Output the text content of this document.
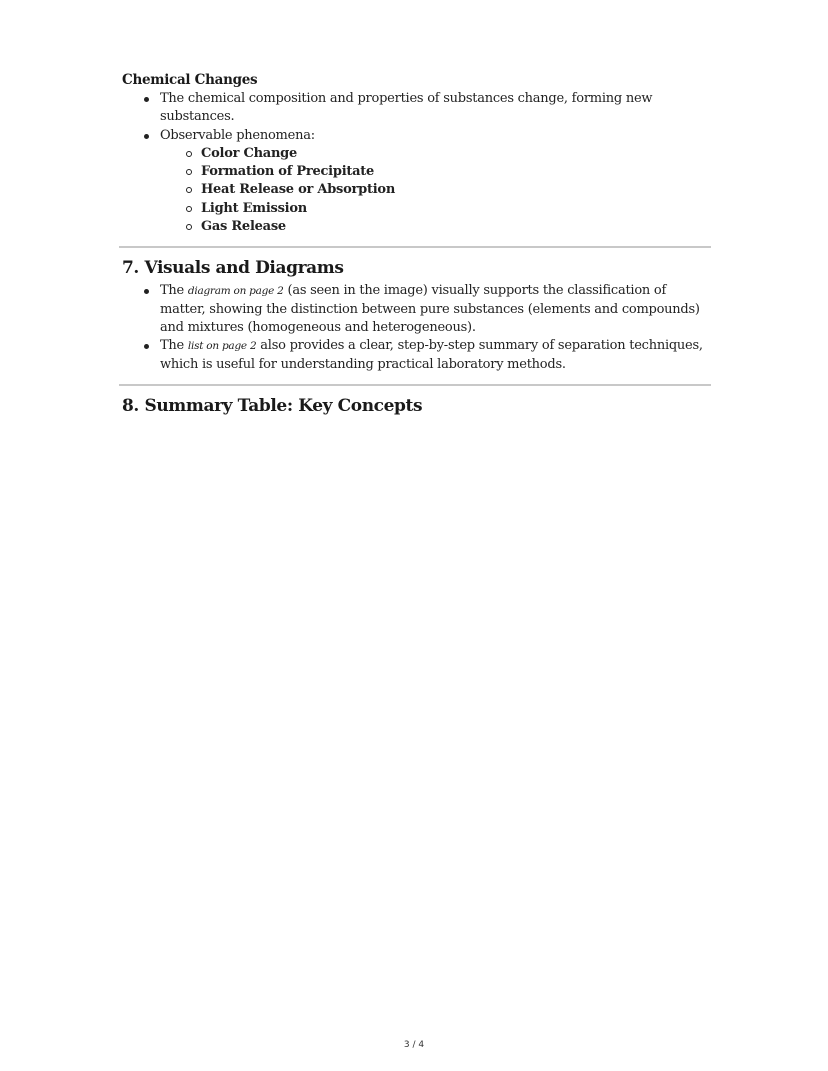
Chemical Changes
The chemical composition and properties of substances change, forming new substances.
Observable phenomena:
Color Change
Formation of Precipitate
Heat Release or Absorption
Light Emission
Gas Release
7. Visuals and Diagrams
The diagram on page 2 (as seen in the image) visually supports the classification of matter, showing the distinction between pure substances (elements and compounds) and mixtures (homogeneous and heterogeneous).
The list on page 2 also provides a clear, step-by-step summary of separation techniques, which is useful for understanding practical laboratory methods.
8. Summary Table: Key Concepts
3 / 4
